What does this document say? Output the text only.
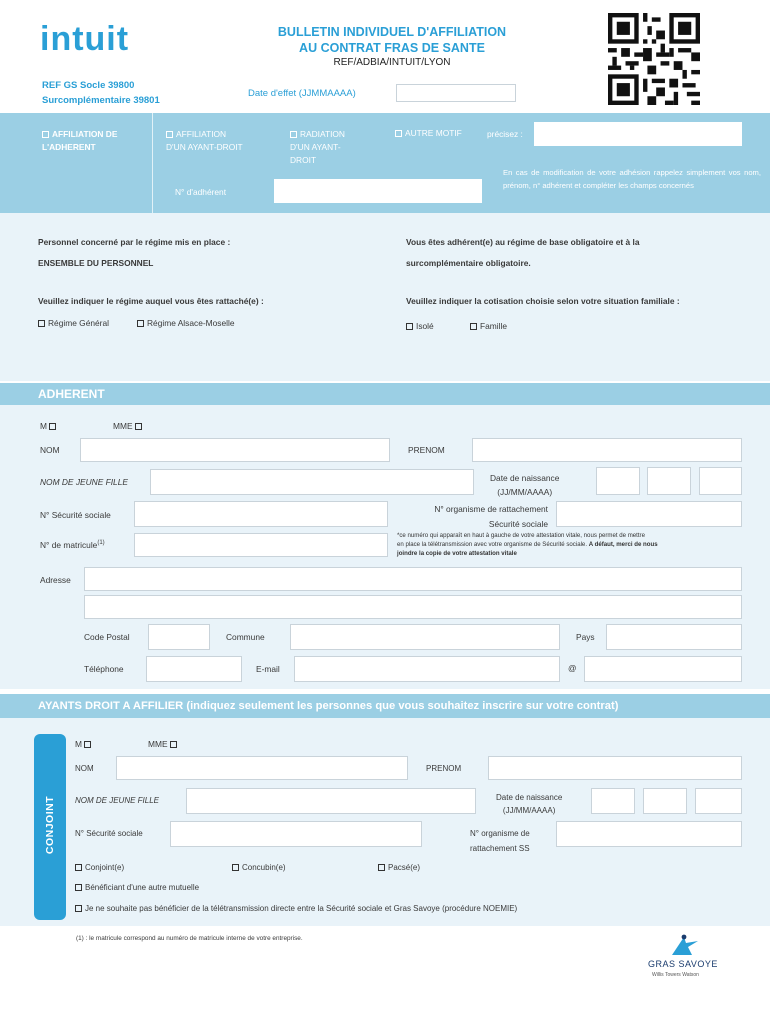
intuit	BULLETIN INDIVIDUEL D'AFFILIATION
AU CONTRAT FRAS DE SANTE
REF/ADBIA/INTUIT/LYON
REF GS Socle 39800
Surcomplémentaire 39801
Date d'effet (JJMMAAAA)
AFFILIATION DE
L'ADHERENT
AFFILIATION
D'UN AYANT-DROIT
RADIATION
D'UN AYANT-
DROIT
AUTRE MOTIF	précisez :
N° d'adhérent
En cas de modification de votre adhésion rappelez simplement vos nom, prénom, n° adhérent et compléter les champs concernés
Personnel concerné par le régime mis en place :
ENSEMBLE DU PERSONNEL
Vous êtes adhérent(e) au régime de base obligatoire et à la
surcomplémentaire obligatoire.
Veuillez indiquer le régime auquel vous êtes rattaché(e) :
Régime Général	Régime Alsace-Moselle
Veuillez indiquer la cotisation choisie selon votre situation familiale :
Isolé	Famille
ADHERENT
M	MME
NOM	PRENOM
NOM DE JEUNE FILLE	Date de naissance
(JJ/MM/AAAA)
N° Sécurité sociale
N° organisme de rattachement
Sécurité sociale
N° de matricule$^{(1)}$
*ce numéro qui apparaît en haut à gauche de votre attestation vitale, nous permet de mettre
en place la télétransmission avec votre organisme de Sécurité sociale. A défaut, merci de nous
joindre la copie de votre attestation vitale
Adresse
Code Postal	Commune	Pays
Téléphone	E-mail	@
AYANTS DROIT A AFFILIER (indiquez seulement les personnes que vous souhaitez inscrire sur votre contrat)
CONJOINT
M	MME
NOM	PRENOM
NOM DE JEUNE FILLE	Date de naissance
(JJ/MM/AAAA)
N° Sécurité sociale	N° organisme de
rattachement SS
Conjoint(e)	Concubin(e)	Pacsé(e)
Bénéficiant d'une autre mutuelle
Je ne souhaite pas bénéficier de la télétransmission directe entre la Sécurité sociale et Gras Savoye (procédure NOEMIE)
(1) : le matricule correspond au numéro de matricule interne de votre entreprise.
GRAS SAVOYE
Willis Towers Watson
